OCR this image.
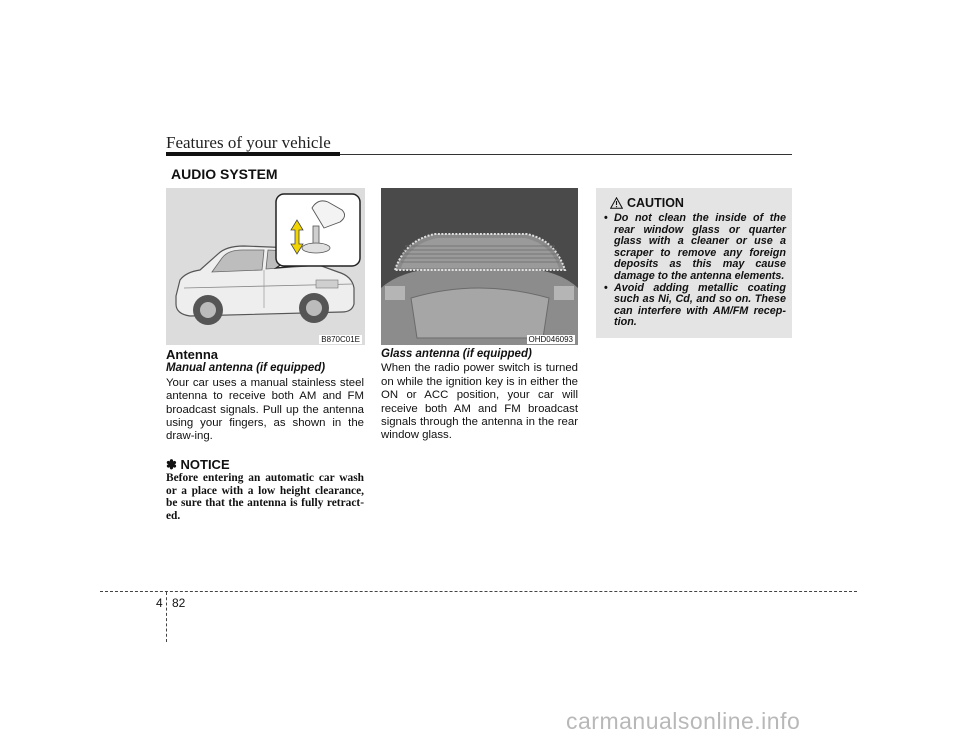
Features of your vehicle
AUDIO SYSTEM
B870C01E	OHD046093
Antenna
Manual antenna (if equipped)

Your car uses a manual stainless steel antenna to receive both AM and FM broadcast signals. Pull up the antenna using your fingers, as shown in the draw-ing.

✽ NOTICE

Before entering an automatic car wash or a place with a low height clearance, be sure that the antenna is fully retract-ed.

Glass antenna (if equipped)

When the radio power switch is turned on while the ignition key is in either the ON or ACC position, your car will receive both AM and FM broadcast signals through the antenna in the rear window glass.

CAUTION
• Do not clean the inside of the rear window glass or quarter glass with a cleaner or use a scraper to remove any foreign deposits as this may cause damage to the antenna elements.
• Avoid adding metallic coating such as Ni, Cd, and so on. These can interfere with AM/FM recep-tion.
4 82
carmanualsonline.info
